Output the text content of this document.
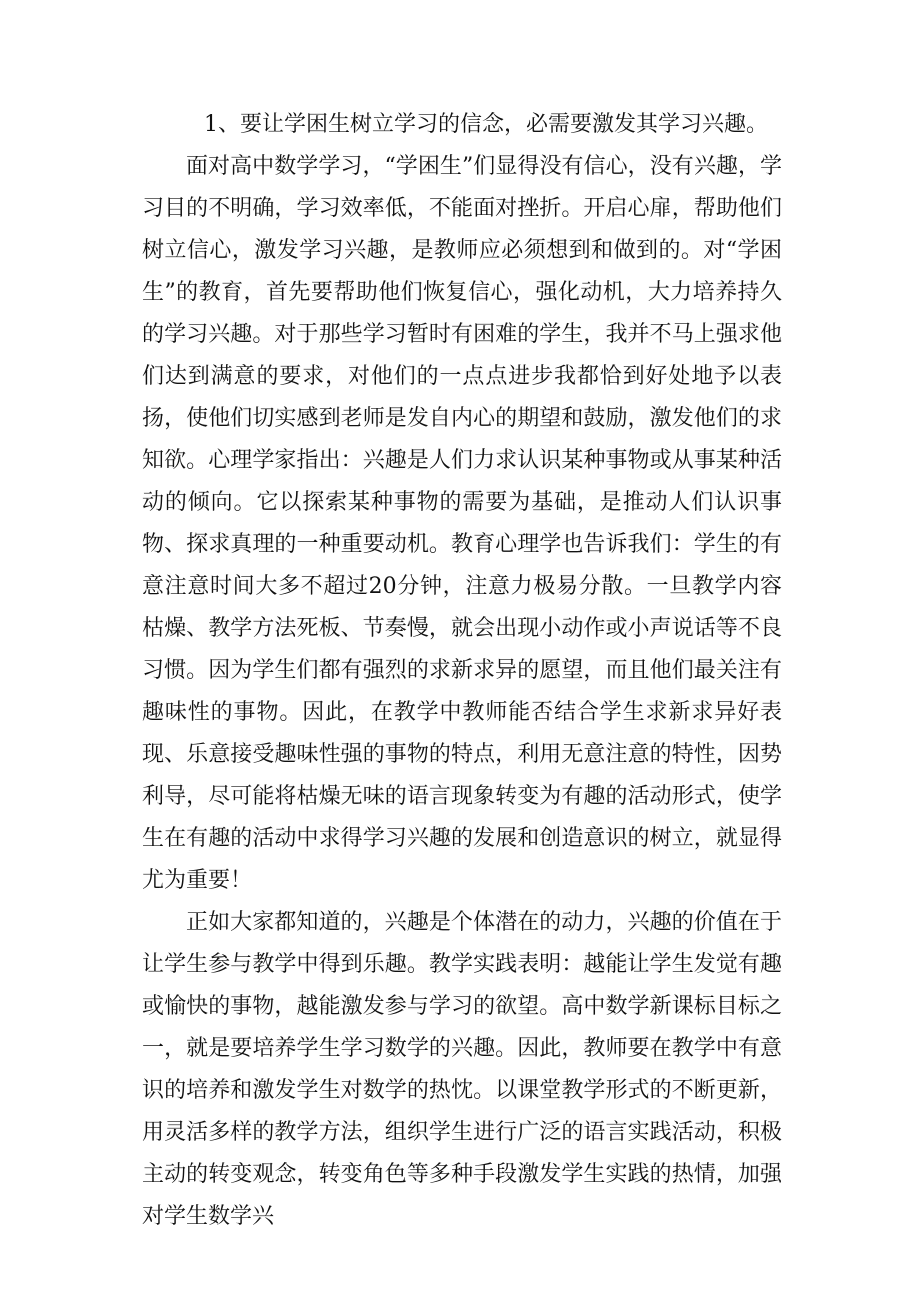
1、要让学困生树立学习的信念，必需要激发其学习兴趣。

面对高中数学学习，“学困生”们显得没有信心，没有兴趣，学习目的不明确，学习效率低，不能面对挫折。开启心扉，帮助他们树立信心，激发学习兴趣，是教师应必须想到和做到的。对“学困生”的教育，首先要帮助他们恢复信心，强化动机，大力培养持久的学习兴趣。对于那些学习暂时有困难的学生，我并不马上强求他们达到满意的要求，对他们的一点点进步我都恰到好处地予以表扬，使他们切实感到老师是发自内心的期望和鼓励，激发他们的求知欲。心理学家指出：兴趣是人们力求认识某种事物或从事某种活动的倾向。它以探索某种事物的需要为基础，是推动人们认识事物、探求真理的一种重要动机。教育心理学也告诉我们：学生的有意注意时间大多不超过20分钟，注意力极易分散。一旦教学内容枯燥、教学方法死板、节奏慢，就会出现小动作或小声说话等不良习惯。因为学生们都有强烈的求新求异的愿望，而且他们最关注有趣味性的事物。因此，在教学中教师能否结合学生求新求异好表现、乐意接受趣味性强的事物的特点，利用无意注意的特性，因势利导，尽可能将枯燥无味的语言现象转变为有趣的活动形式，使学生在有趣的活动中求得学习兴趣的发展和创造意识的树立，就显得尤为重要！

正如大家都知道的，兴趣是个体潜在的动力，兴趣的价值在于让学生参与教学中得到乐趣。教学实践表明：越能让学生发觉有趣或愉快的事物，越能激发参与学习的欲望。高中数学新课标目标之一，就是要培养学生学习数学的兴趣。因此，教师要在教学中有意识的培养和激发学生对数学的热忱。以课堂教学形式的不断更新，用灵活多样的教学方法，组织学生进行广泛的语言实践活动，积极主动的转变观念，转变角色等多种手段激发学生实践的热情，加强对学生数学兴
